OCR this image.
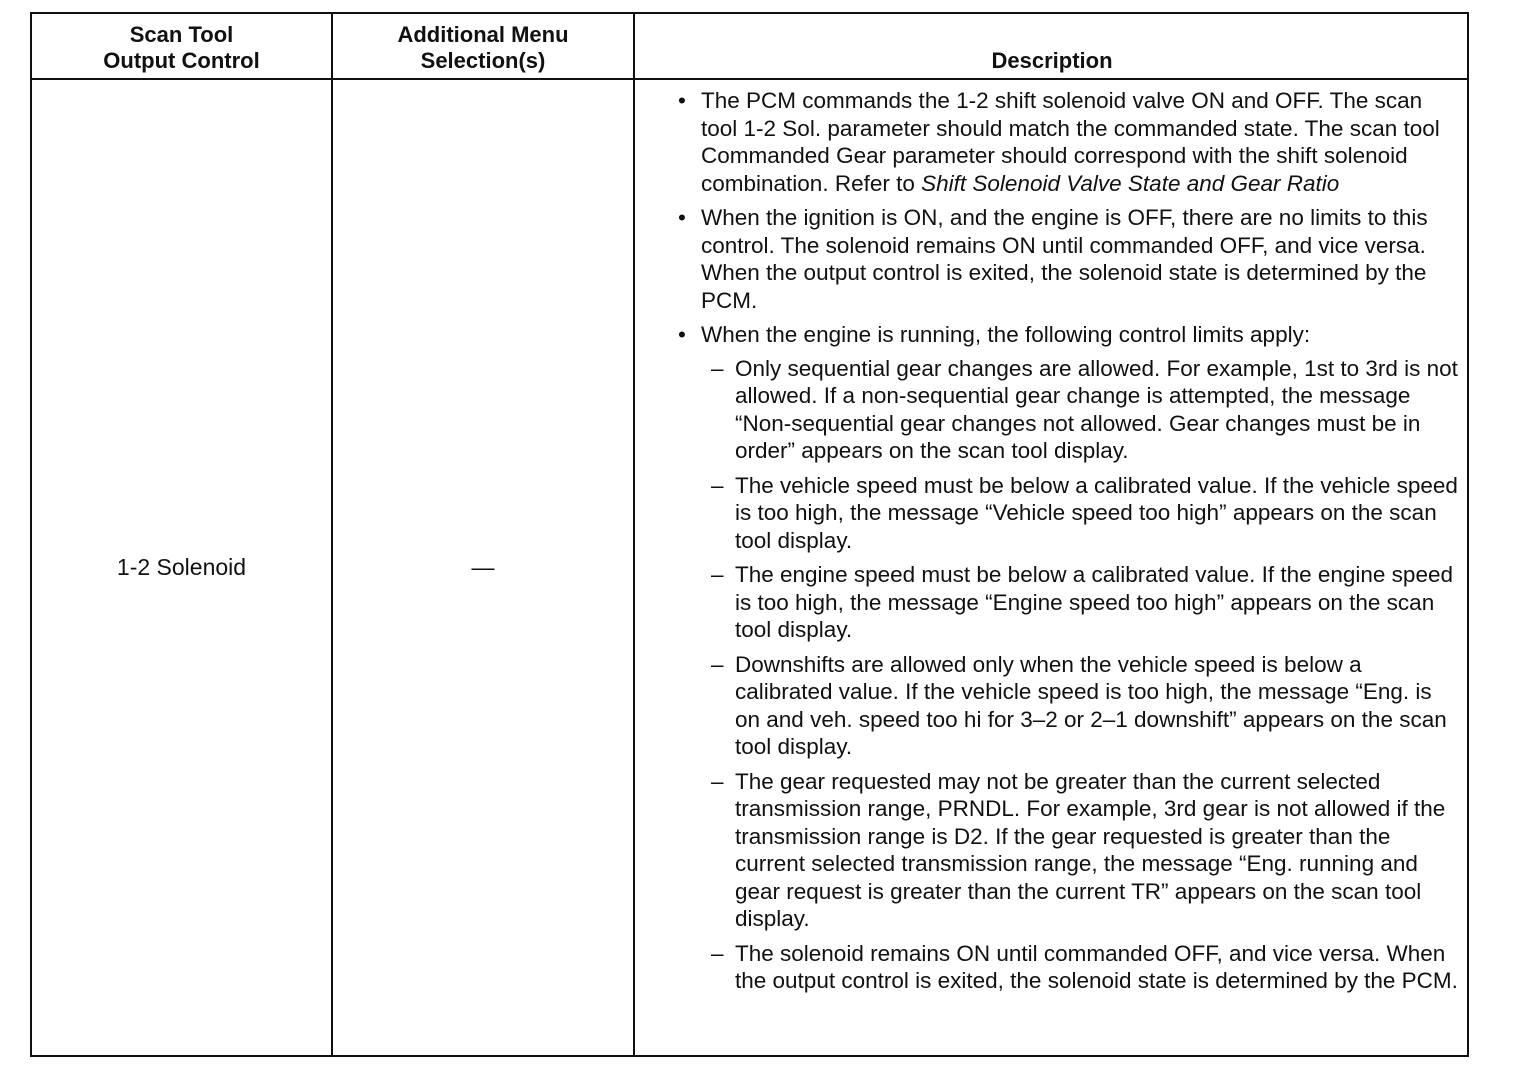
Scan Tool
Output Control
Additional Menu
Selection(s)	Description
1-2 Solenoid	—
• The PCM commands the 1-2 shift solenoid valve ON and OFF. The scan tool 1-2 Sol. parameter should match the commanded state. The scan tool Commanded Gear parameter should correspond with the shift solenoid combination. Refer to Shift Solenoid Valve State and Gear Ratio
• When the ignition is ON, and the engine is OFF, there are no limits to this control. The solenoid remains ON until commanded OFF, and vice versa. When the output control is exited, the solenoid state is determined by the PCM.
• When the engine is running, the following control limits apply:
– Only sequential gear changes are allowed. For example, 1st to 3rd is not allowed. If a non-sequential gear change is attempted, the message “Non-sequential gear changes not allowed. Gear changes must be in order” appears on the scan tool display.
– The vehicle speed must be below a calibrated value. If the vehicle speed is too high, the message “Vehicle speed too high” appears on the scan tool display.
– The engine speed must be below a calibrated value. If the engine speed is too high, the message “Engine speed too high” appears on the scan tool display.
– Downshifts are allowed only when the vehicle speed is below a calibrated value. If the vehicle speed is too high, the message “Eng. is on and veh. speed too hi for 3–2 or 2–1 downshift” appears on the scan tool display.
– The gear requested may not be greater than the current selected transmission range, PRNDL. For example, 3rd gear is not allowed if the transmission range is D2. If the gear requested is greater than the current selected transmission range, the message “Eng. running and gear request is greater than the current TR” appears on the scan tool display.
– The solenoid remains ON until commanded OFF, and vice versa. When the output control is exited, the solenoid state is determined by the PCM.
